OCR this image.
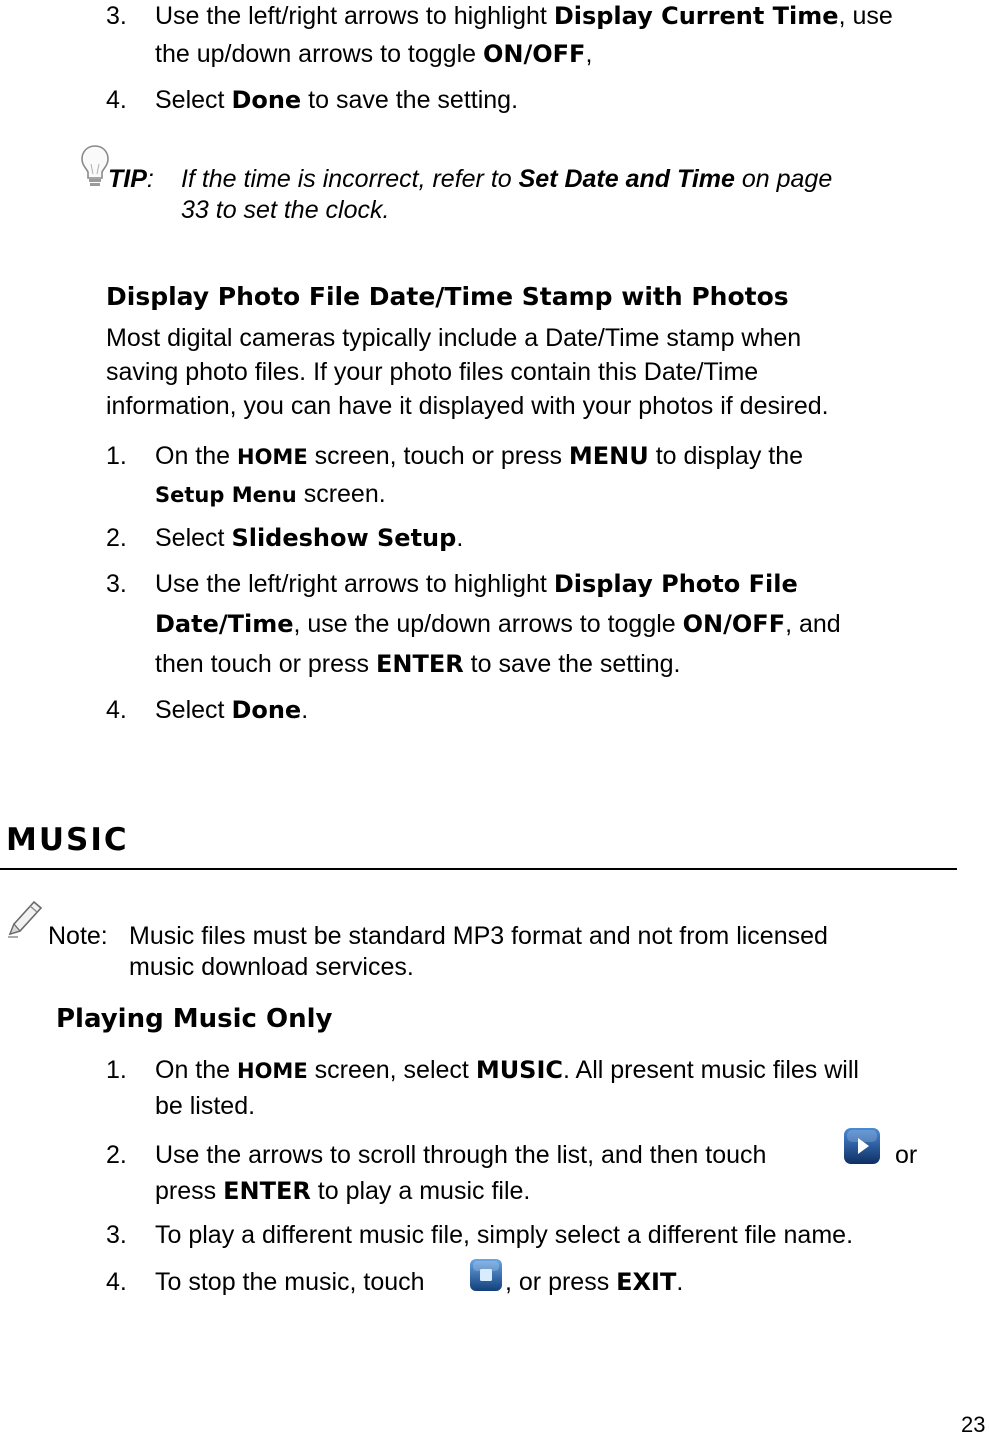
3. Use the left/right arrows to highlight Display Current Time, use
the up/down arrows to toggle ON/OFF,
4. Select Done to save the setting.
TIP: If the time is incorrect, refer to Set Date and Time on page
33 to set the clock.
Display Photo File Date/Time Stamp with Photos
Most digital cameras typically include a Date/Time stamp when
saving photo files. If your photo files contain this Date/Time
information, you can have it displayed with your photos if desired.
1. On the HOME screen, touch or press MENU to display the
Setup Menu screen.
2. Select Slideshow Setup.
3. Use the left/right arrows to highlight Display Photo File
Date/Time, use the up/down arrows to toggle ON/OFF, and
then touch or press ENTER to save the setting.
4. Select Done.
MUSIC
Note: Music files must be standard MP3 format and not from licensed
music download services.
Playing Music Only
1. On the HOME screen, select MUSIC. All present music files will
be listed.
2. Use the arrows to scroll through the list, and then touch	or
press ENTER to play a music file.
3. To play a different music file, simply select a different file name.
4. To stop the music, touch	, or press EXIT.
23
